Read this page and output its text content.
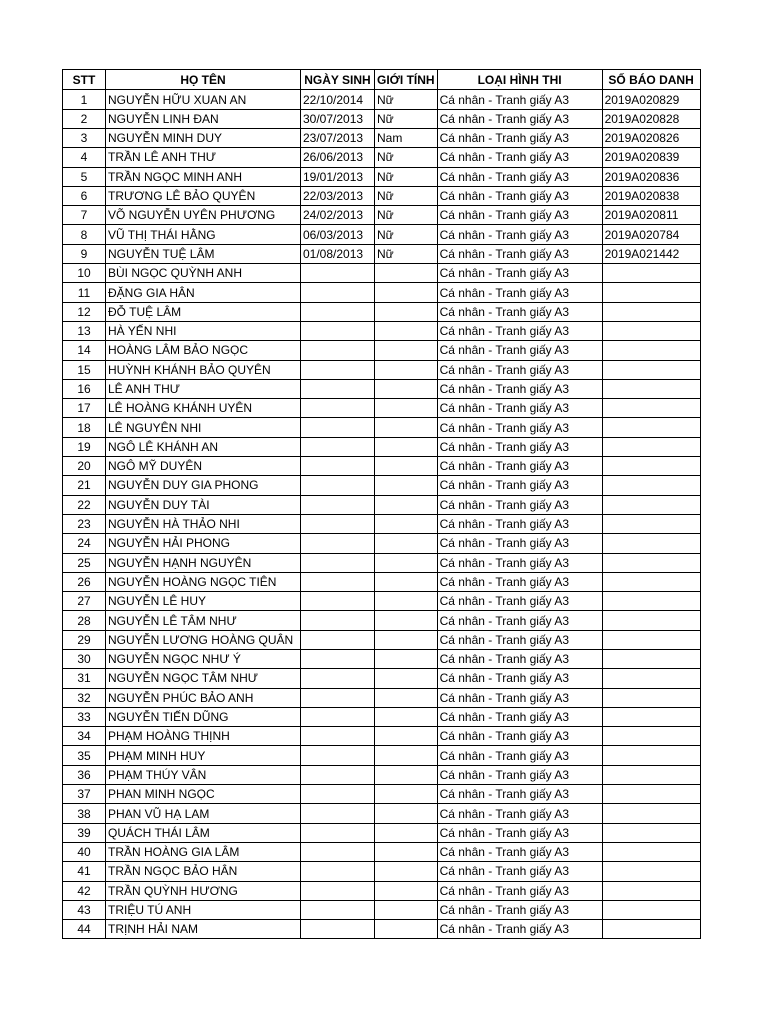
STT	HỌ TÊN	NGÀY SINH	GIỚI TÍNH	LOẠI HÌNH THI	SỐ BÁO DANH
1	NGUYỄN HỮU XUAN AN	22/10/2014	Nữ	Cá nhân - Tranh giấy A3	2019A020829
2	NGUYỄN LINH ĐAN	30/07/2013	Nữ	Cá nhân - Tranh giấy A3	2019A020828
3	NGUYỄN MINH DUY	23/07/2013	Nam	Cá nhân - Tranh giấy A3	2019A020826
4	TRẦN LÊ ANH THƯ	26/06/2013	Nữ	Cá nhân - Tranh giấy A3	2019A020839
5	TRẦN NGỌC MINH ANH	19/01/2013	Nữ	Cá nhân - Tranh giấy A3	2019A020836
6	TRƯƠNG LÊ BẢO QUYÊN	22/03/2013	Nữ	Cá nhân - Tranh giấy A3	2019A020838
7	VÕ NGUYỄN UYÊN PHƯƠNG	24/02/2013	Nữ	Cá nhân - Tranh giấy A3	2019A020811
8	VŨ THỊ THÁI HẰNG	06/03/2013	Nữ	Cá nhân - Tranh giấy A3	2019A020784
9	NGUYỄN TUỆ LÂM	01/08/2013	Nữ	Cá nhân - Tranh giấy A3	2019A021442
10	BÙI NGỌC QUỲNH ANH			Cá nhân - Tranh giấy A3	
11	ĐẶNG GIA HÂN			Cá nhân - Tranh giấy A3	
12	ĐỖ TUỆ LÂM			Cá nhân - Tranh giấy A3	
13	HÀ YẾN NHI			Cá nhân - Tranh giấy A3	
14	HOÀNG LÂM BẢO NGỌC			Cá nhân - Tranh giấy A3	
15	HUỲNH KHÁNH BẢO QUYÊN			Cá nhân - Tranh giấy A3	
16	LÊ ANH THƯ			Cá nhân - Tranh giấy A3	
17	LÊ HOÀNG KHÁNH UYÊN			Cá nhân - Tranh giấy A3	
18	LÊ NGUYÊN NHI			Cá nhân - Tranh giấy A3	
19	NGÔ LÊ KHÁNH AN			Cá nhân - Tranh giấy A3	
20	NGÔ MỸ DUYÊN			Cá nhân - Tranh giấy A3	
21	NGUYỄN DUY GIA PHONG			Cá nhân - Tranh giấy A3	
22	NGUYỄN DUY TÀI			Cá nhân - Tranh giấy A3	
23	NGUYỄN HÀ THẢO NHI			Cá nhân - Tranh giấy A3	
24	NGUYỄN HẢI PHONG			Cá nhân - Tranh giấy A3	
25	NGUYỄN HẠNH NGUYÊN			Cá nhân - Tranh giấy A3	
26	NGUYỄN HOÀNG NGỌC TIÊN			Cá nhân - Tranh giấy A3	
27	NGUYỄN LÊ HUY			Cá nhân - Tranh giấy A3	
28	NGUYỄN LÊ TÂM NHƯ			Cá nhân - Tranh giấy A3	
29	NGUYỄN LƯƠNG HOÀNG QUÂN			Cá nhân - Tranh giấy A3	
30	NGUYỄN NGỌC NHƯ Ý			Cá nhân - Tranh giấy A3	
31	NGUYỄN NGỌC TÂM NHƯ			Cá nhân - Tranh giấy A3	
32	NGUYỄN PHÚC BẢO ANH			Cá nhân - Tranh giấy A3	
33	NGUYỄN TIẾN DŨNG			Cá nhân - Tranh giấy A3	
34	PHẠM HOÀNG THỊNH			Cá nhân - Tranh giấy A3	
35	PHẠM MINH HUY			Cá nhân - Tranh giấy A3	
36	PHẠM THÚY VÂN			Cá nhân - Tranh giấy A3	
37	PHAN MINH NGỌC			Cá nhân - Tranh giấy A3	
38	PHAN VŨ HẠ LAM			Cá nhân - Tranh giấy A3	
39	QUÁCH THÁI LÂM			Cá nhân - Tranh giấy A3	
40	TRẦN HOÀNG GIA LÂM			Cá nhân - Tranh giấy A3	
41	TRẦN NGỌC BẢO HÂN			Cá nhân - Tranh giấy A3	
42	TRẦN QUỲNH HƯƠNG			Cá nhân - Tranh giấy A3	
43	TRIỆU TÚ ANH			Cá nhân - Tranh giấy A3	
44	TRỊNH HẢI NAM			Cá nhân - Tranh giấy A3	
